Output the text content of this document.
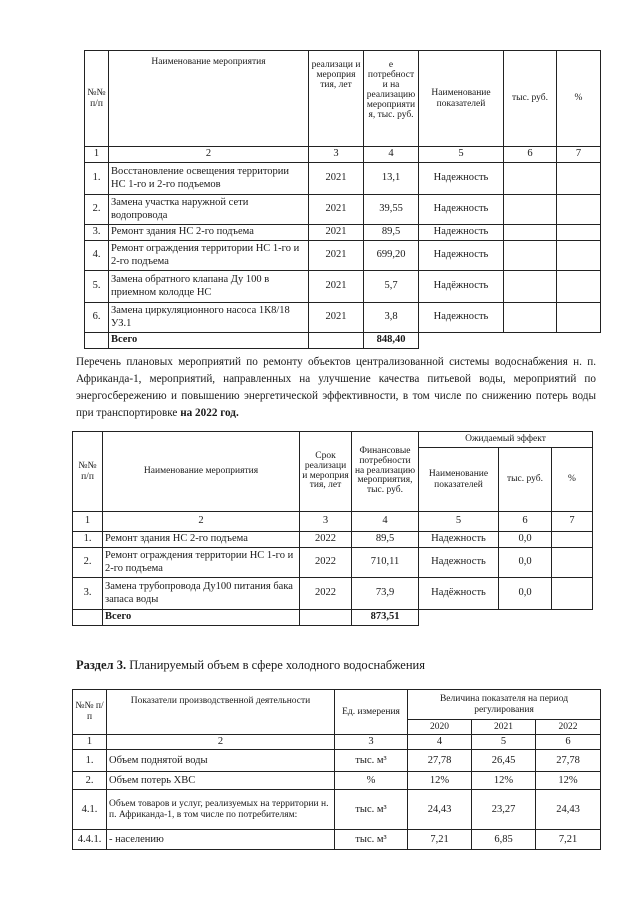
№№ п/п	Наименование мероприятия	реализаци и мероприя тия, лет	е потребност и на реализацию мероприяти я, тыс. руб.	Наименование показателей	тыс. руб.	%
1	2	3	4	5	6	7
1.	Восстановление освещения территории НС 1-го и 2-го подъемов	2021	13,1	Надежность		
2.	Замена участка наружной сети водопровода	2021	39,55	Надежность		
3.	Ремонт здания НС 2-го подъема	2021	89,5	Надежность		
4.	Ремонт ограждения территории НС 1-го и 2-го подъема	2021	699,20	Надежность		
5.	Замена обратного клапана Ду 100 в приемном колодце НС	2021	5,7	Надёжность		
6.	Замена циркуляционного насоса 1К8/18 УЗ.1	2021	3,8	Надежность		
	Всего		848,40			

Перечень плановых мероприятий по ремонту объектов централизованной системы водоснабжения н. п. Африканда-1, мероприятий, направленных на улучшение качества питьевой воды, мероприятий по энергосбережению и повышению энергетической эффективности, в том числе по снижению потерь воды при транспортировке на 2022 год.

№№ п/п	Наименование мероприятия	Срок реализаци и мероприя тия, лет	Финансовые потребности на реализацию мероприятия, тыс. руб.	Ожидаемый эффект		
				Наименование показателей	тыс. руб.	%
1	2	3	4	5	6	7
1.	Ремонт здания НС 2-го подъема	2022	89,5	Надежность	0,0	
2.	Ремонт ограждения территории НС 1-го и 2-го подъема	2022	710,11	Надежность	0,0	
3.	Замена трубопровода Ду100 питания бака запаса воды	2022	73,9	Надёжность	0,0	
	Всего		873,51			

Раздел 3. Планируемый объем в сфере холодного водоснабжения

№№ п/п	Показатели производственной деятельности	Ед. измерения	Величина показателя на период регулирования		
			2020	2021	2022
1	2	3	4	5	6
1.	Объем поднятой воды	тыс. м³	27,78	26,45	27,78
2.	Объем потерь ХВС	%	12%	12%	12%
4.1.	Объем товаров и услуг, реализуемых на территории н. п. Африканда-1, в том числе по потребителям:	тыс. м³	24,43	23,27	24,43
4.4.1.	- населению	тыс. м³	7,21	6,85	7,21
